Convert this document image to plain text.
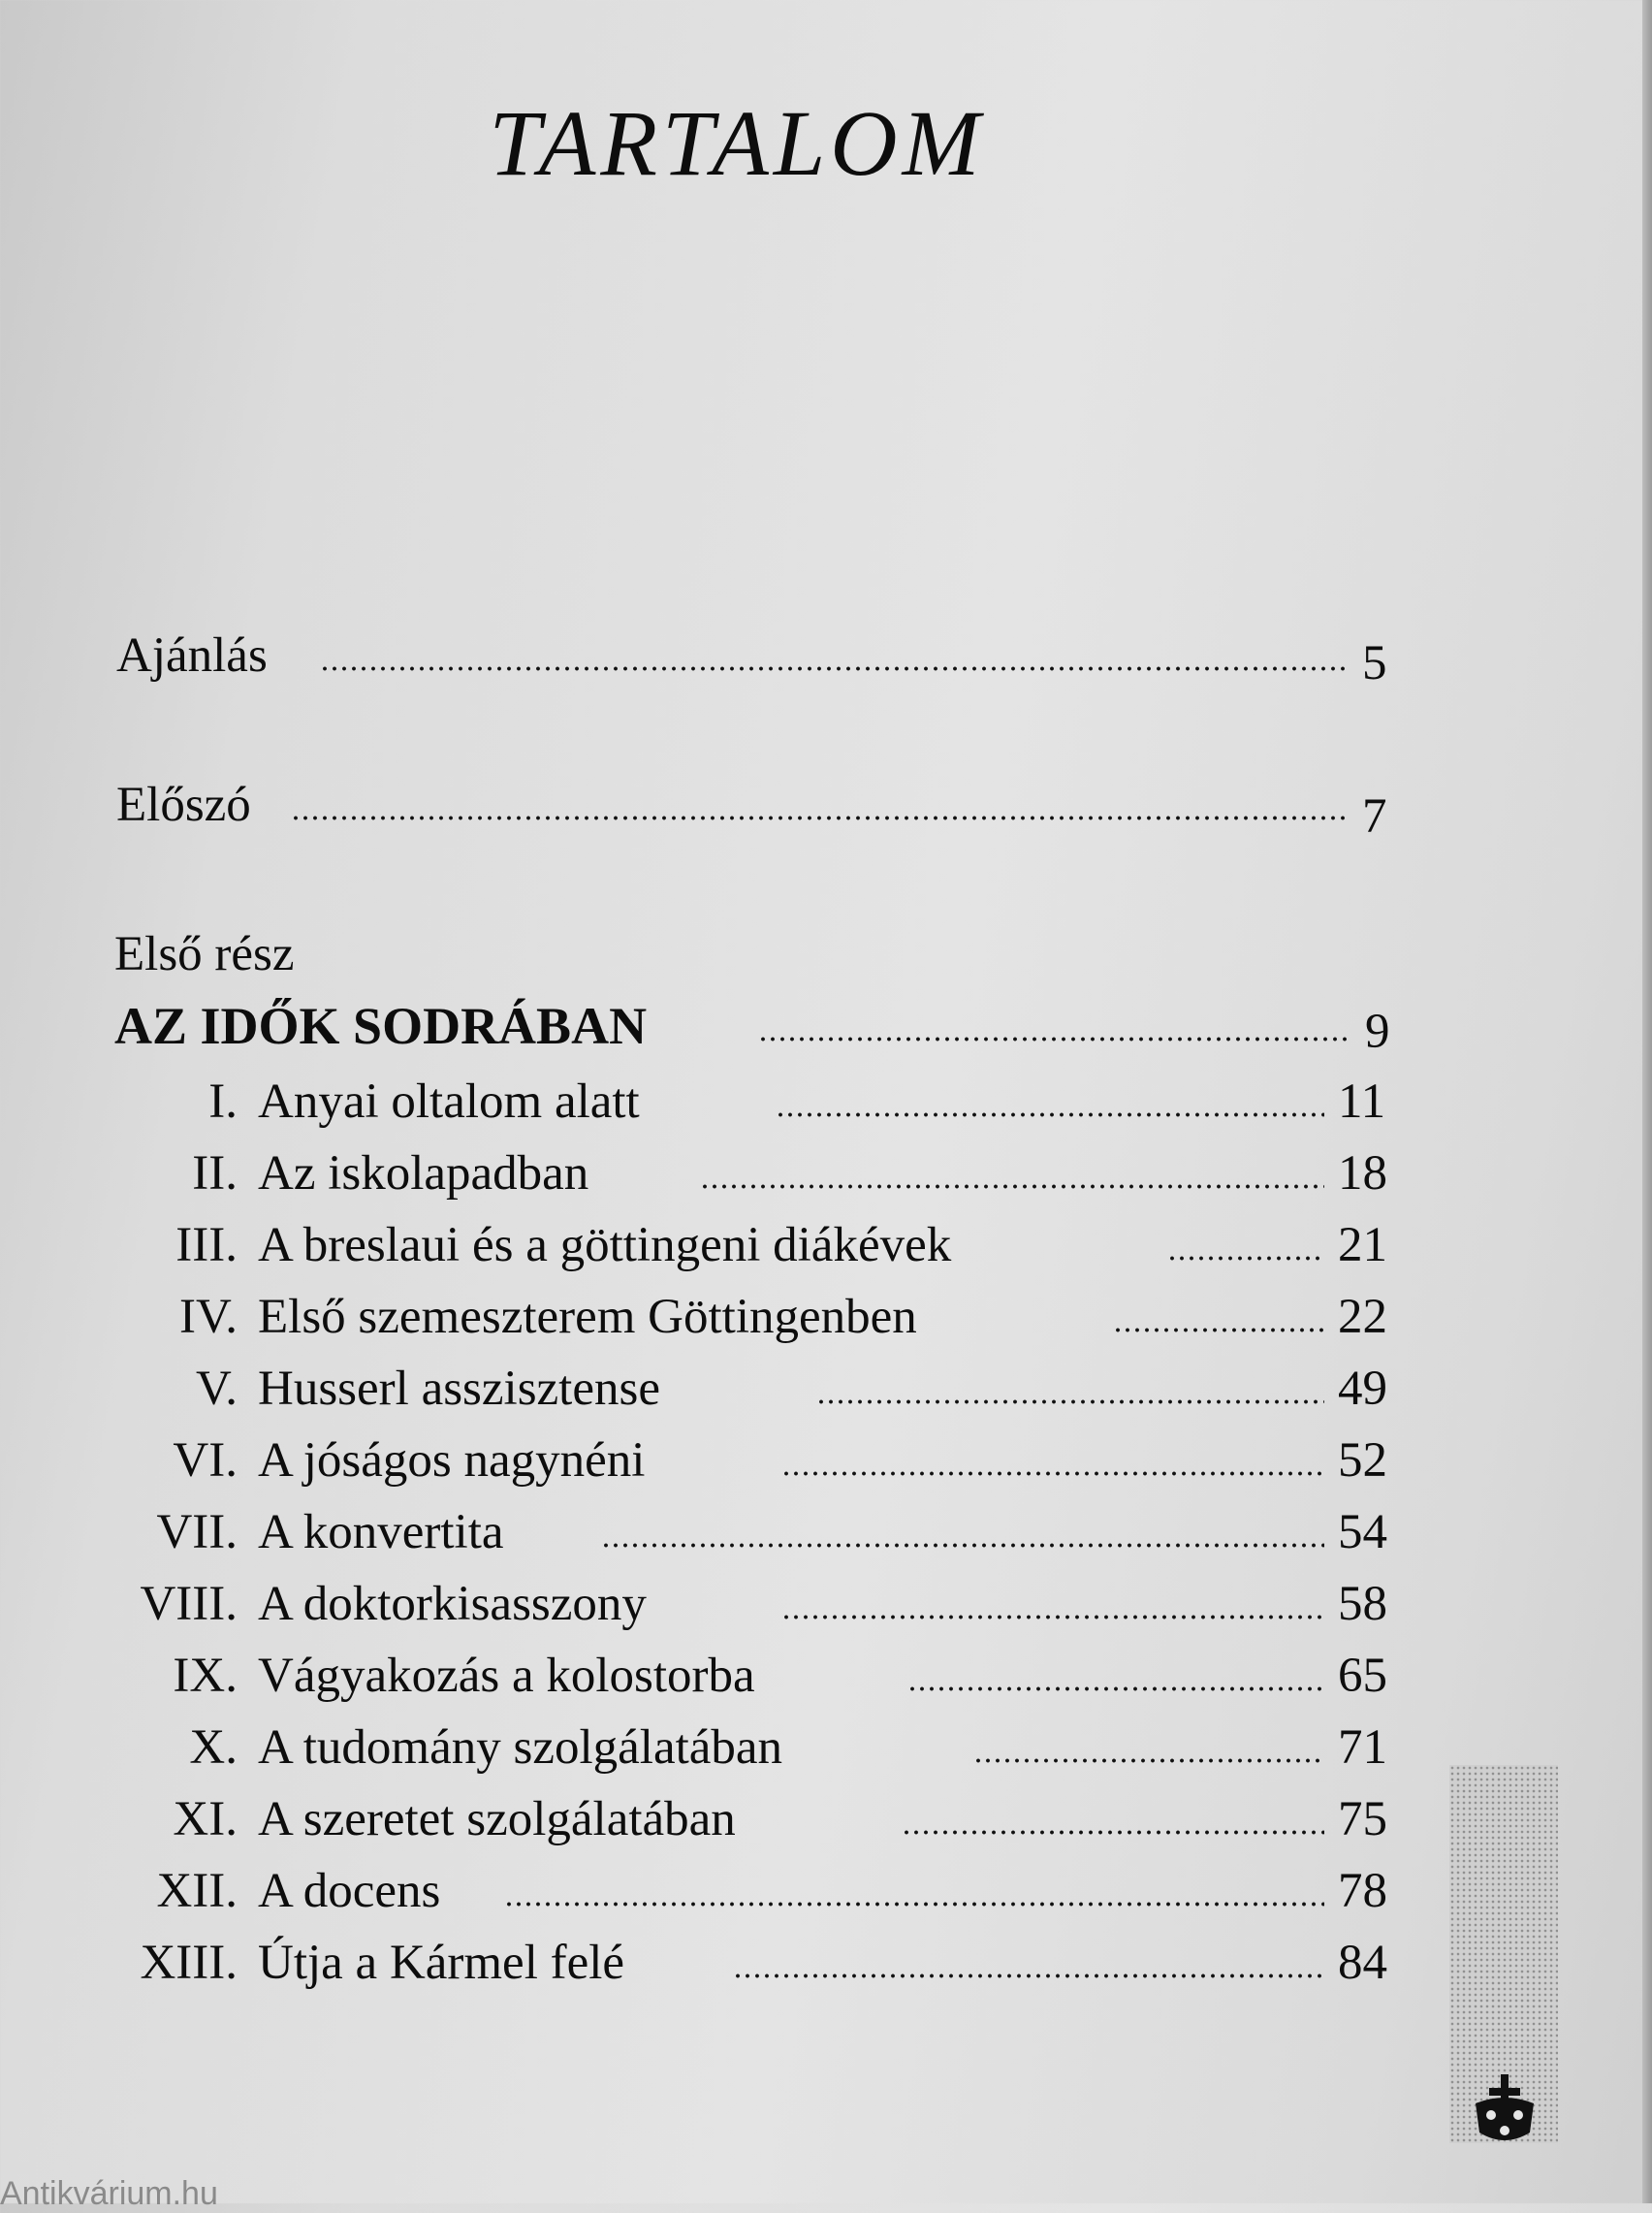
TARTALOM
Ajánlás	5
Előszó	7
Első rész
AZ IDŐK SODRÁBAN	9
I. Anyai oltalom alatt	11
II. Az iskolapadban	18
III. A breslaui és a göttingeni diákévek	21
IV. Első szemeszterem Göttingenben	22
V. Husserl asszisztense	49
VI. A jóságos nagynéni	52
VII. A konvertita	54
VIII. A doktorkisasszony	58
IX. Vágyakozás a kolostorba	65
X. A tudomány szolgálatában	71
XI. A szeretet szolgálatában	75
XII. A docens	78
XIII. Útja a Kármel felé	84
Antikvárium.hu
